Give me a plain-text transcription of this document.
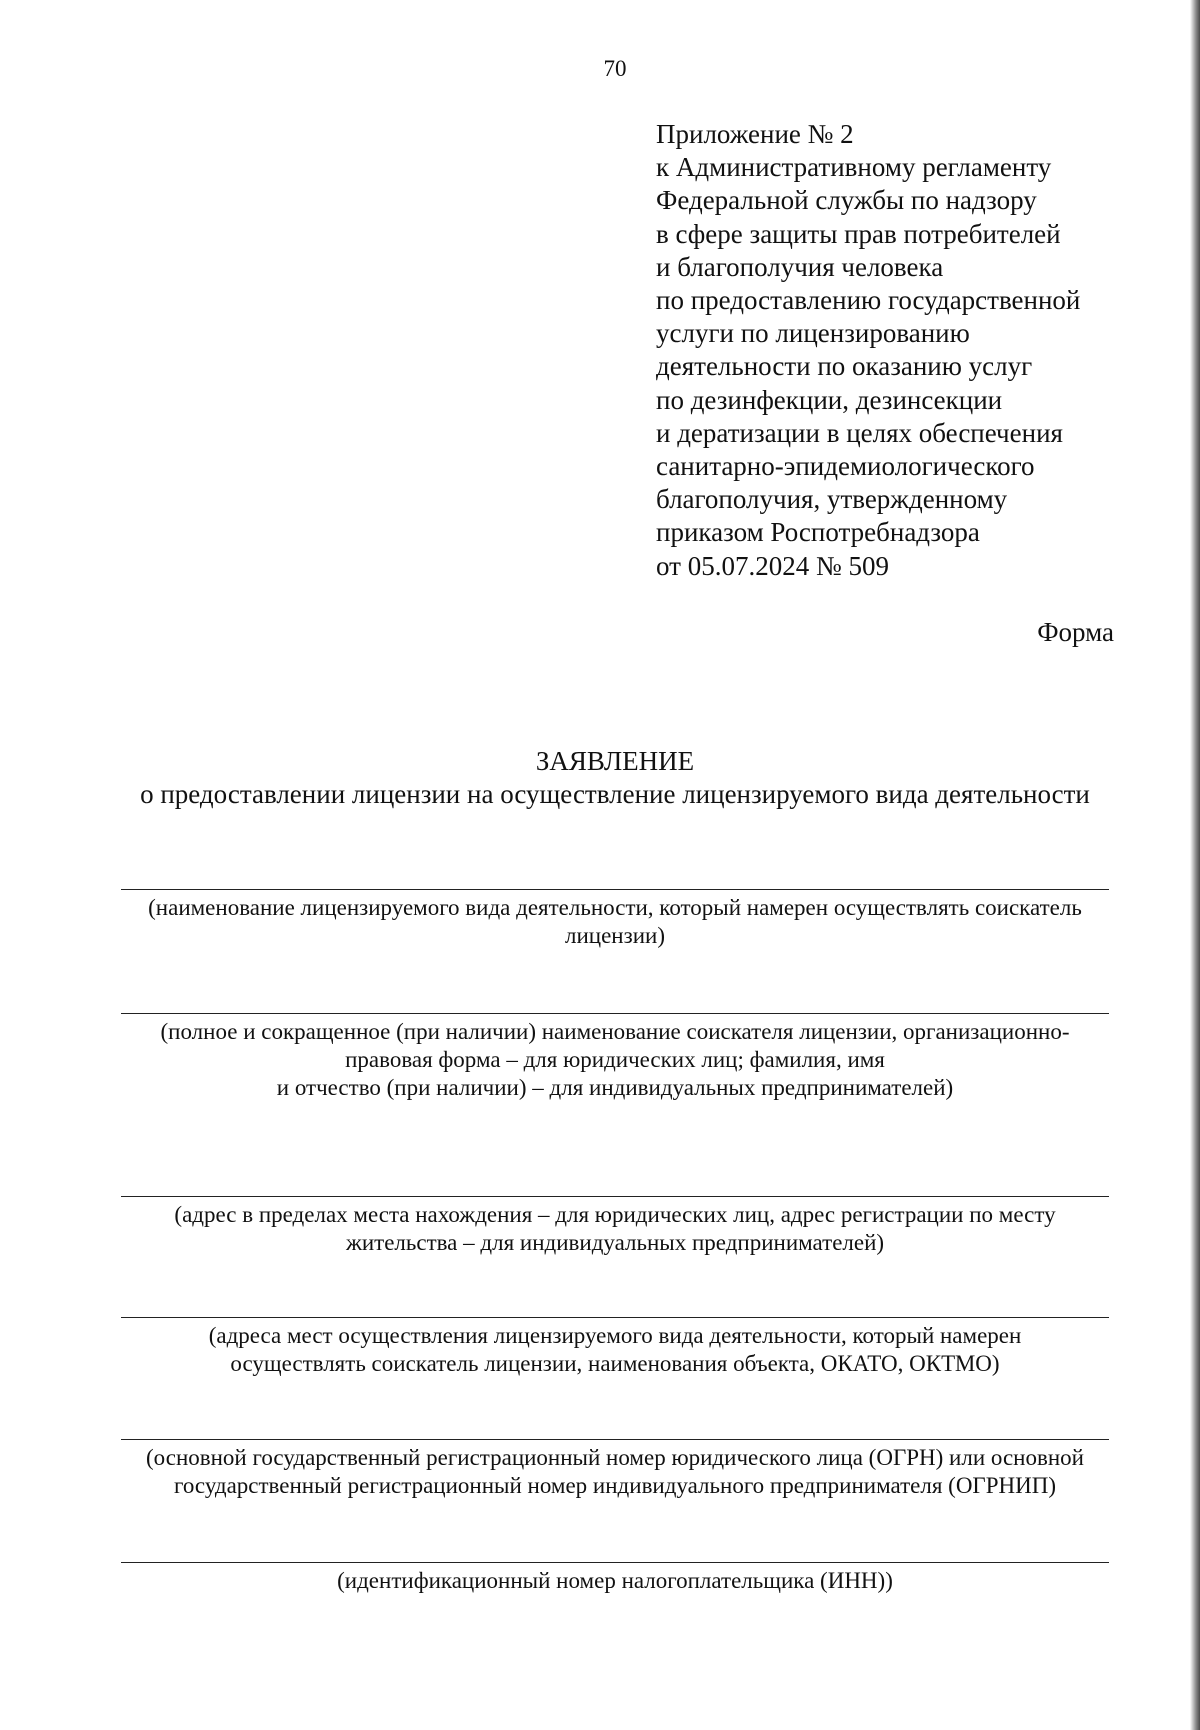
70
Приложение № 2
к Административному регламенту
Федеральной службы по надзору
в сфере защиты прав потребителей
и благополучия человека
по предоставлению государственной
услуги по лицензированию
деятельности по оказанию услуг
по дезинфекции, дезинсекции
и дератизации в целях обеспечения
санитарно-эпидемиологического
благополучия, утвержденному
приказом Роспотребнадзора
от 05.07.2024 № 509
Форма
ЗАЯВЛЕНИЕ
о предоставлении лицензии на осуществление лицензируемого вида деятельности
(наименование лицензируемого вида деятельности, который намерен осуществлять соискатель
лицензии)
(полное и сокращенное (при наличии) наименование соискателя лицензии, организационно-
правовая форма – для юридических лиц; фамилия, имя
и отчество (при наличии) – для индивидуальных предпринимателей)
(адрес в пределах места нахождения – для юридических лиц, адрес регистрации по месту
жительства – для индивидуальных предпринимателей)
(адреса мест осуществления лицензируемого вида деятельности, который намерен
осуществлять соискатель лицензии, наименования объекта, ОКАТО, ОКТМО)
(основной государственный регистрационный номер юридического лица (ОГРН) или основной
государственный регистрационный номер индивидуального предпринимателя (ОГРНИП)
(идентификационный номер налогоплательщика (ИНН))
